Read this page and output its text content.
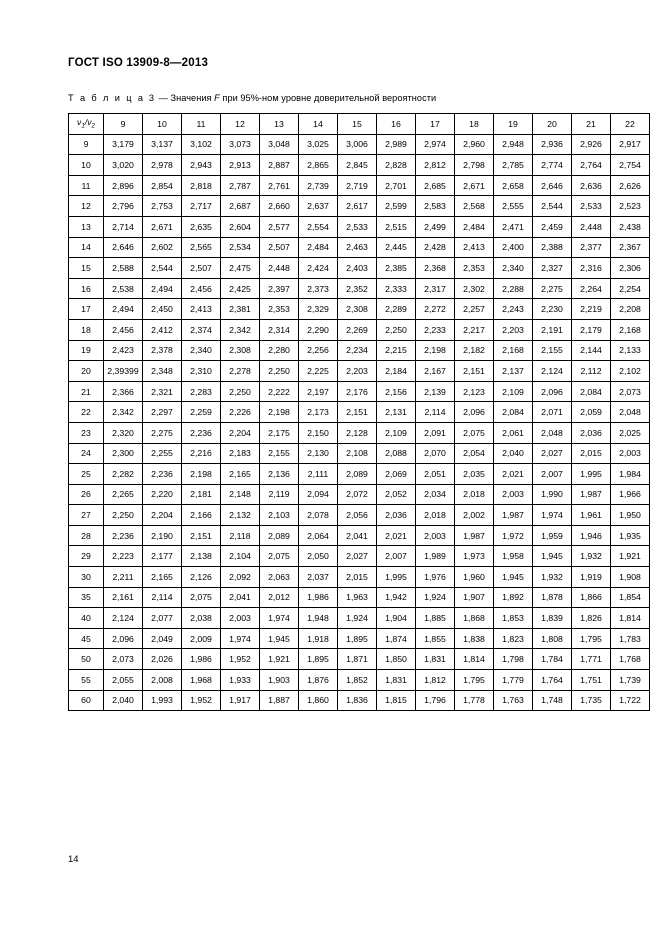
ГОСТ ISO 13909-8—2013
Т а б л и ц а 3 — Значения F при 95%-ном уровне доверительной вероятности
$\nu_1/\nu_2$	9	10	11	12	13	14	15	16	17	18	19	20	21	22
9	3,179	3,137	3,102	3,073	3,048	3,025	3,006	2,989	2,974	2,960	2,948	2,936	2,926	2,917
10	3,020	2,978	2,943	2,913	2,887	2,865	2,845	2,828	2,812	2,798	2,785	2,774	2,764	2,754
11	2,896	2,854	2,818	2,787	2,761	2,739	2,719	2,701	2,685	2,671	2,658	2,646	2,636	2,626
12	2,796	2,753	2,717	2,687	2,660	2,637	2,617	2,599	2,583	2,568	2,555	2,544	2,533	2,523
13	2,714	2,671	2,635	2,604	2,577	2,554	2,533	2,515	2,499	2,484	2,471	2,459	2,448	2,438
14	2,646	2,602	2,565	2,534	2,507	2,484	2,463	2,445	2,428	2,413	2,400	2,388	2,377	2,367
15	2,588	2,544	2,507	2,475	2,448	2,424	2,403	2,385	2,368	2,353	2,340	2,327	2,316	2,306
16	2,538	2,494	2,456	2,425	2,397	2,373	2,352	2,333	2,317	2,302	2,288	2,275	2,264	2,254
17	2,494	2,450	2,413	2,381	2,353	2,329	2,308	2,289	2,272	2,257	2,243	2,230	2,219	2,208
18	2,456	2,412	2,374	2,342	2,314	2,290	2,269	2,250	2,233	2,217	2,203	2,191	2,179	2,168
19	2,423	2,378	2,340	2,308	2,280	2,256	2,234	2,215	2,198	2,182	2,168	2,155	2,144	2,133
20	2,39399	2,348	2,310	2,278	2,250	2,225	2,203	2,184	2,167	2,151	2,137	2,124	2,112	2,102
21	2,366	2,321	2,283	2,250	2,222	2,197	2,176	2,156	2,139	2,123	2,109	2,096	2,084	2,073
22	2,342	2,297	2,259	2,226	2,198	2,173	2,151	2,131	2,114	2,096	2,084	2,071	2,059	2,048
23	2,320	2,275	2,236	2,204	2,175	2,150	2,128	2,109	2,091	2,075	2,061	2,048	2,036	2,025
24	2,300	2,255	2,216	2,183	2,155	2,130	2,108	2,088	2,070	2,054	2,040	2,027	2,015	2,003
25	2,282	2,236	2,198	2,165	2,136	2,111	2,089	2,069	2,051	2,035	2,021	2,007	1,995	1,984
26	2,265	2,220	2,181	2,148	2,119	2,094	2,072	2,052	2,034	2,018	2,003	1,990	1,987	1,966
27	2,250	2,204	2,166	2,132	2,103	2,078	2,056	2,036	2,018	2,002	1,987	1,974	1,961	1,950
28	2,236	2,190	2,151	2,118	2,089	2,064	2,041	2,021	2,003	1,987	1,972	1,959	1,946	1,935
29	2,223	2,177	2,138	2,104	2,075	2,050	2,027	2,007	1,989	1,973	1,958	1,945	1,932	1,921
30	2,211	2,165	2,126	2,092	2,063	2,037	2,015	1,995	1,976	1,960	1,945	1,932	1,919	1,908
35	2,161	2,114	2,075	2,041	2,012	1,986	1,963	1,942	1,924	1,907	1,892	1,878	1,866	1,854
40	2,124	2,077	2,038	2,003	1,974	1,948	1,924	1,904	1,885	1,868	1,853	1,839	1,826	1,814
45	2,096	2,049	2,009	1,974	1,945	1,918	1,895	1,874	1,855	1,838	1,823	1,808	1,795	1,783
50	2,073	2,026	1,986	1,952	1,921	1,895	1,871	1,850	1,831	1,814	1,798	1,784	1,771	1,768
55	2,055	2,008	1,968	1,933	1,903	1,876	1,852	1,831	1,812	1,795	1,779	1,764	1,751	1,739
60	2,040	1,993	1,952	1,917	1,887	1,860	1,836	1,815	1,796	1,778	1,763	1,748	1,735	1,722
14
